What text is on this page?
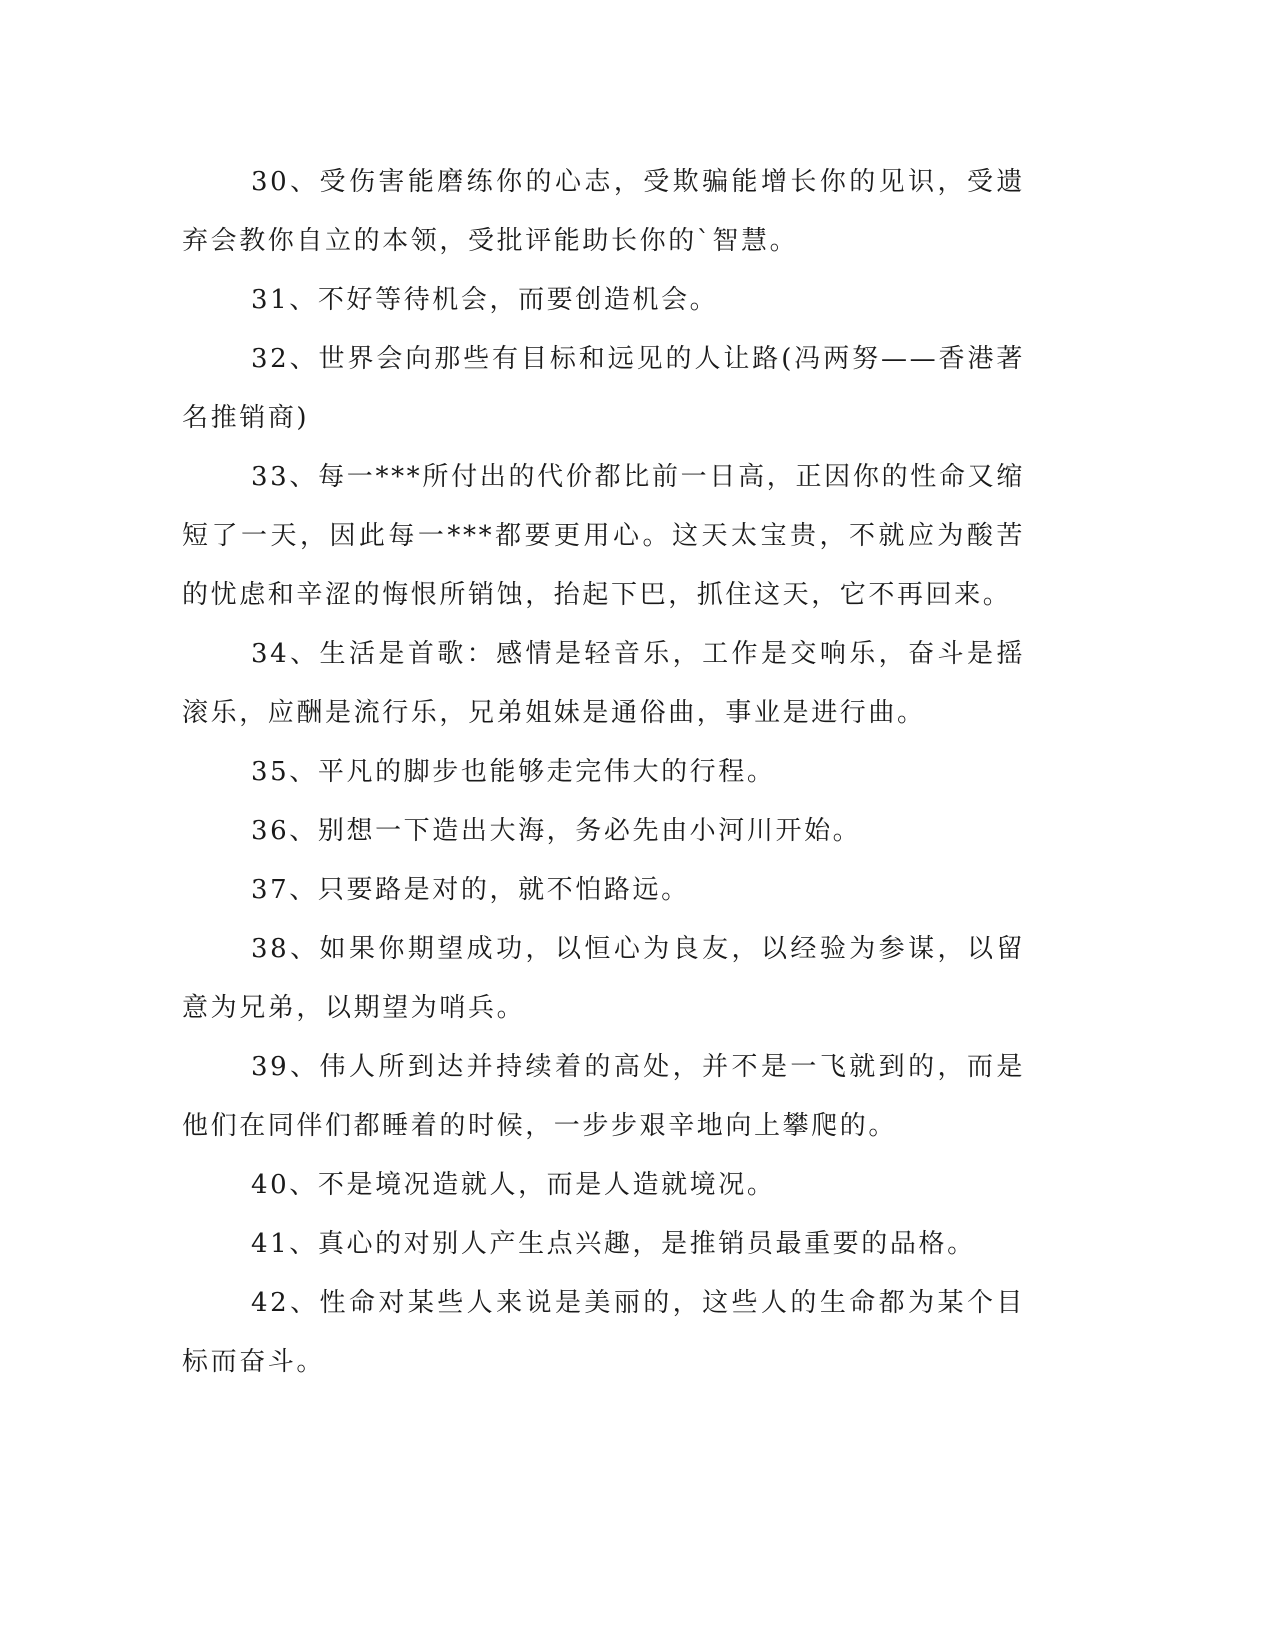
30、受伤害能磨练你的心志，受欺骗能增长你的见识，受遗弃会教你自立的本领，受批评能助长你的`智慧。

31、不好等待机会，而要创造机会。

32、世界会向那些有目标和远见的人让路(冯两努——香港著名推销商)

33、每一***所付出的代价都比前一日高，正因你的性命又缩短了一天，因此每一***都要更用心。这天太宝贵，不就应为酸苦的忧虑和辛涩的悔恨所销蚀，抬起下巴，抓住这天，它不再回来。

34、生活是首歌：感情是轻音乐，工作是交响乐，奋斗是摇滚乐，应酬是流行乐，兄弟姐妹是通俗曲，事业是进行曲。

35、平凡的脚步也能够走完伟大的行程。

36、别想一下造出大海，务必先由小河川开始。

37、只要路是对的，就不怕路远。

38、如果你期望成功，以恒心为良友，以经验为参谋，以留意为兄弟，以期望为哨兵。

39、伟人所到达并持续着的高处，并不是一飞就到的，而是他们在同伴们都睡着的时候，一步步艰辛地向上攀爬的。

40、不是境况造就人，而是人造就境况。

41、真心的对别人产生点兴趣，是推销员最重要的品格。

42、性命对某些人来说是美丽的，这些人的生命都为某个目标而奋斗。
